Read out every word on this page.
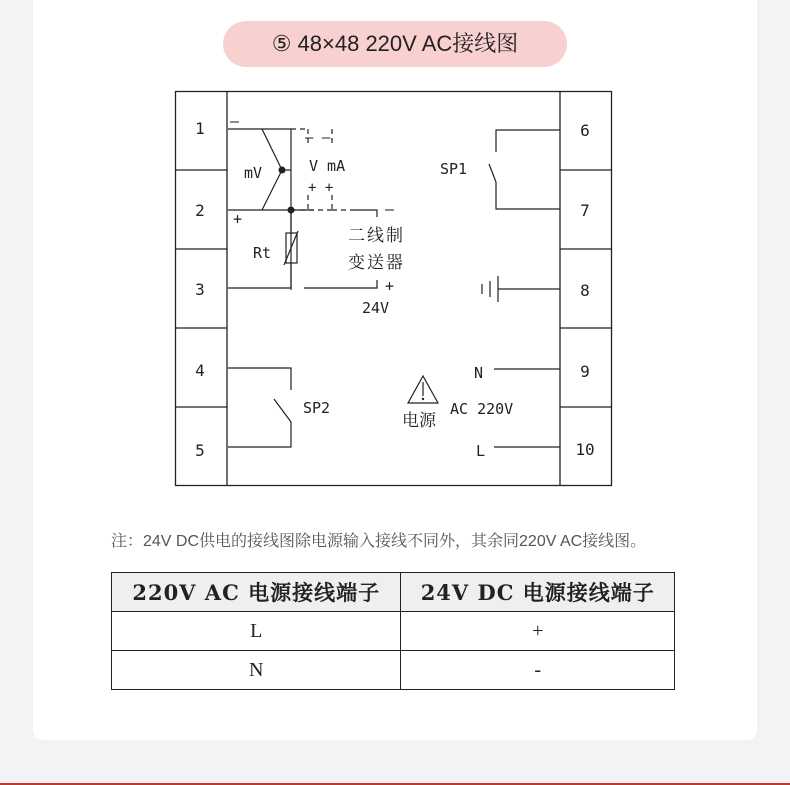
⑤ 48×48 220V AC接线图
1
2
3
4
5
6
7
8
9
10
–
+
mV
Rt
– –
V mA
+ +
–
二线制
变送器
+
24V
SP1
SP2
N
L
电源
AC 220V
注：24V DC供电的接线图除电源输入接线不同外，其余同220V AC接线图。
220V AC 电源接线端子	24V DC 电源接线端子
L	+
N	-
